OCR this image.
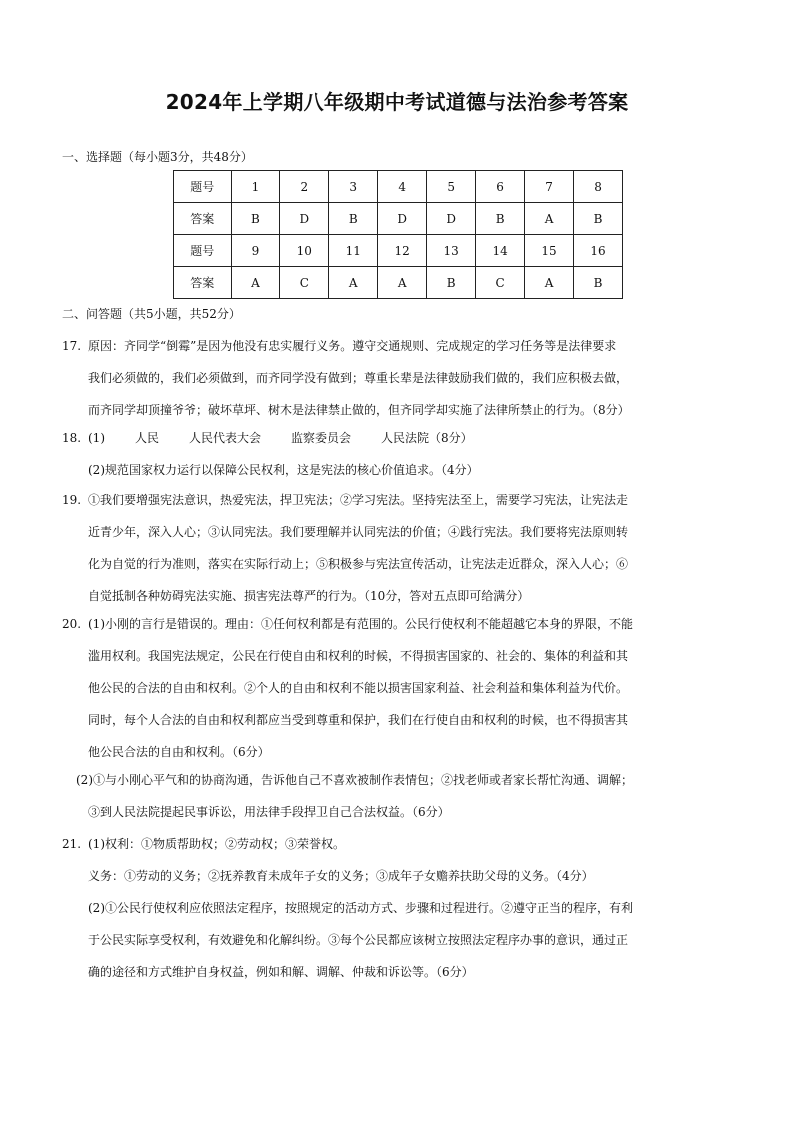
2024年上学期八年级期中考试道德与法治参考答案
一、选择题（每小题3分，共48分）
题号	1	2	3	4	5	6	7	8
答案	B	D	B	D	D	B	A	B
题号	9	10	11	12	13	14	15	16
答案	A	C	A	A	B	C	A	B
二、问答题（共5小题，共52分）
17. 原因：齐同学“倒霉”是因为他没有忠实履行义务。遵守交通规则、完成规定的学习任务等是法律要求
我们必须做的，我们必须做到，而齐同学没有做到；尊重长辈是法律鼓励我们做的，我们应积极去做，
而齐同学却顶撞爷爷；破坏草坪、树木是法律禁止做的，但齐同学却实施了法律所禁止的行为。（8分）
18. (1)	人民	人民代表大会	监察委员会	人民法院（8分）
(2)规范国家权力运行以保障公民权利，这是宪法的核心价值追求。（4分）
19. ①我们要增强宪法意识，热爱宪法，捍卫宪法；②学习宪法。坚持宪法至上，需要学习宪法，让宪法走
近青少年，深入人心；③认同宪法。我们要理解并认同宪法的价值；④践行宪法。我们要将宪法原则转
化为自觉的行为准则，落实在实际行动上；⑤积极参与宪法宣传活动，让宪法走近群众，深入人心；⑥
自觉抵制各种妨碍宪法实施、损害宪法尊严的行为。（10分，答对五点即可给满分）
20. (1)小刚的言行是错误的。理由：①任何权利都是有范围的。公民行使权利不能超越它本身的界限，不能
滥用权利。我国宪法规定，公民在行使自由和权利的时候，不得损害国家的、社会的、集体的利益和其
他公民的合法的自由和权利。②个人的自由和权利不能以损害国家利益、社会利益和集体利益为代价。
同时，每个人合法的自由和权利都应当受到尊重和保护，我们在行使自由和权利的时候，也不得损害其
他公民合法的自由和权利。（6分）
(2)①与小刚心平气和的协商沟通，告诉他自己不喜欢被制作表情包；②找老师或者家长帮忙沟通、调解；
③到人民法院提起民事诉讼，用法律手段捍卫自己合法权益。（6分）
21. (1)权利：①物质帮助权；②劳动权；③荣誉权。
义务：①劳动的义务；②抚养教育未成年子女的义务；③成年子女赡养扶助父母的义务。（4分）
(2)①公民行使权利应依照法定程序，按照规定的活动方式、步骤和过程进行。②遵守正当的程序，有利
于公民实际享受权利，有效避免和化解纠纷。③每个公民都应该树立按照法定程序办事的意识，通过正
确的途径和方式维护自身权益，例如和解、调解、仲裁和诉讼等。（6分）
